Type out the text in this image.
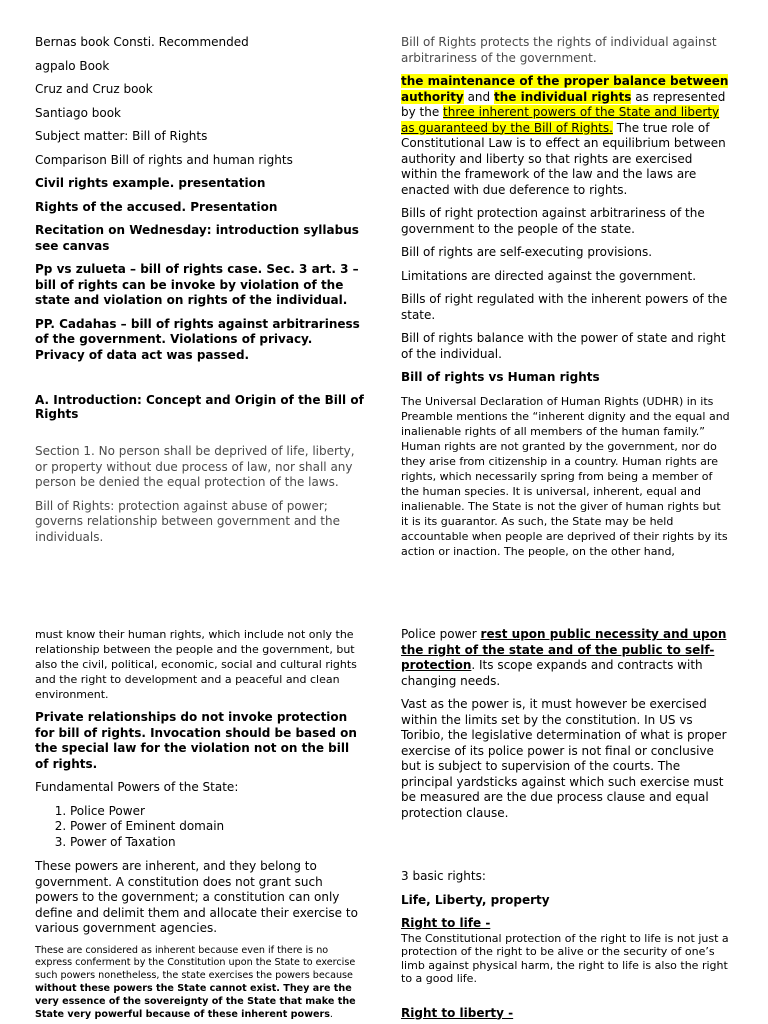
Bernas book Consti. Recommended

agpalo Book

Cruz and Cruz book

Santiago book

Subject matter: Bill of Rights

Comparison Bill of rights and human rights

Civil rights example. presentation

Rights of the accused. Presentation

Recitation on Wednesday: introduction syllabus see canvas

Pp vs zulueta – bill of rights case. Sec. 3 art. 3 – bill of rights can be invoke by violation of the state and violation on rights of the individual.

PP. Cadahas – bill of rights against arbitrariness of the government. Violations of privacy. Privacy of data act was passed.

A. Introduction: Concept and Origin of the Bill of Rights

Section 1. No person shall be deprived of life, liberty, or property without due process of law, nor shall any person be denied the equal protection of the laws.

Bill of Rights: protection against abuse of power; governs relationship between government and the individuals.

Bill of Rights protects the rights of individual against arbitrariness of the government.

the maintenance of the proper balance between authority and the individual rights as represented by the three inherent powers of the State and liberty as guaranteed by the Bill of Rights. The true role of Constitutional Law is to effect an equilibrium between authority and liberty so that rights are exercised within the framework of the law and the laws are enacted with due deference to rights.

Bills of right protection against arbitrariness of the government to the people of the state.

Bill of rights are self-executing provisions.

Limitations are directed against the government.

Bills of right regulated with the inherent powers of the state.

Bill of rights balance with the power of state and right of the individual.

Bill of rights vs Human rights

The Universal Declaration of Human Rights (UDHR) in its Preamble mentions the “inherent dignity and the equal and inalienable rights of all members of the human family.” Human rights are not granted by the government, nor do they arise from citizenship in a country. Human rights are rights, which necessarily spring from being a member of the human species. It is universal, inherent, equal and inalienable. The State is not the giver of human rights but it is its guarantor. As such, the State may be held accountable when people are deprived of their rights by its action or inaction. The people, on the other hand,

must know their human rights, which include not only the relationship between the people and the government, but also the civil, political, economic, social and cultural rights and the right to development and a peaceful and clean environment.

Private relationships do not invoke protection for bill of rights. Invocation should be based on the special law for the violation not on the bill of rights.

Fundamental Powers of the State:

1. Police Power
2. Power of Eminent domain
3. Power of Taxation

These powers are inherent, and they belong to government. A constitution does not grant such powers to the government; a constitution can only define and delimit them and allocate their exercise to various government agencies.

These are considered as inherent because even if there is no express conferment by the Constitution upon the State to exercise such powers nonetheless, the state exercises the powers because without these powers the State cannot exist. They are the very essence of the sovereignty of the State that make the State very powerful because of these inherent powers.

Police power rest upon public necessity and upon the right of the state and of the public to self-protection. Its scope expands and contracts with changing needs.

Vast as the power is, it must however be exercised within the limits set by the constitution. In US vs Toribio, the legislative determination of what is proper exercise of its police power is not final or conclusive but is subject to supervision of the courts. The principal yardsticks against which such exercise must be measured are the due process clause and equal protection clause.

3 basic rights:

Life, Liberty, property

Right to life -

The Constitutional protection of the right to life is not just a protection of the right to be alive or the security of one’s limb against physical harm, the right to life is also the right to a good life.

Right to liberty -
